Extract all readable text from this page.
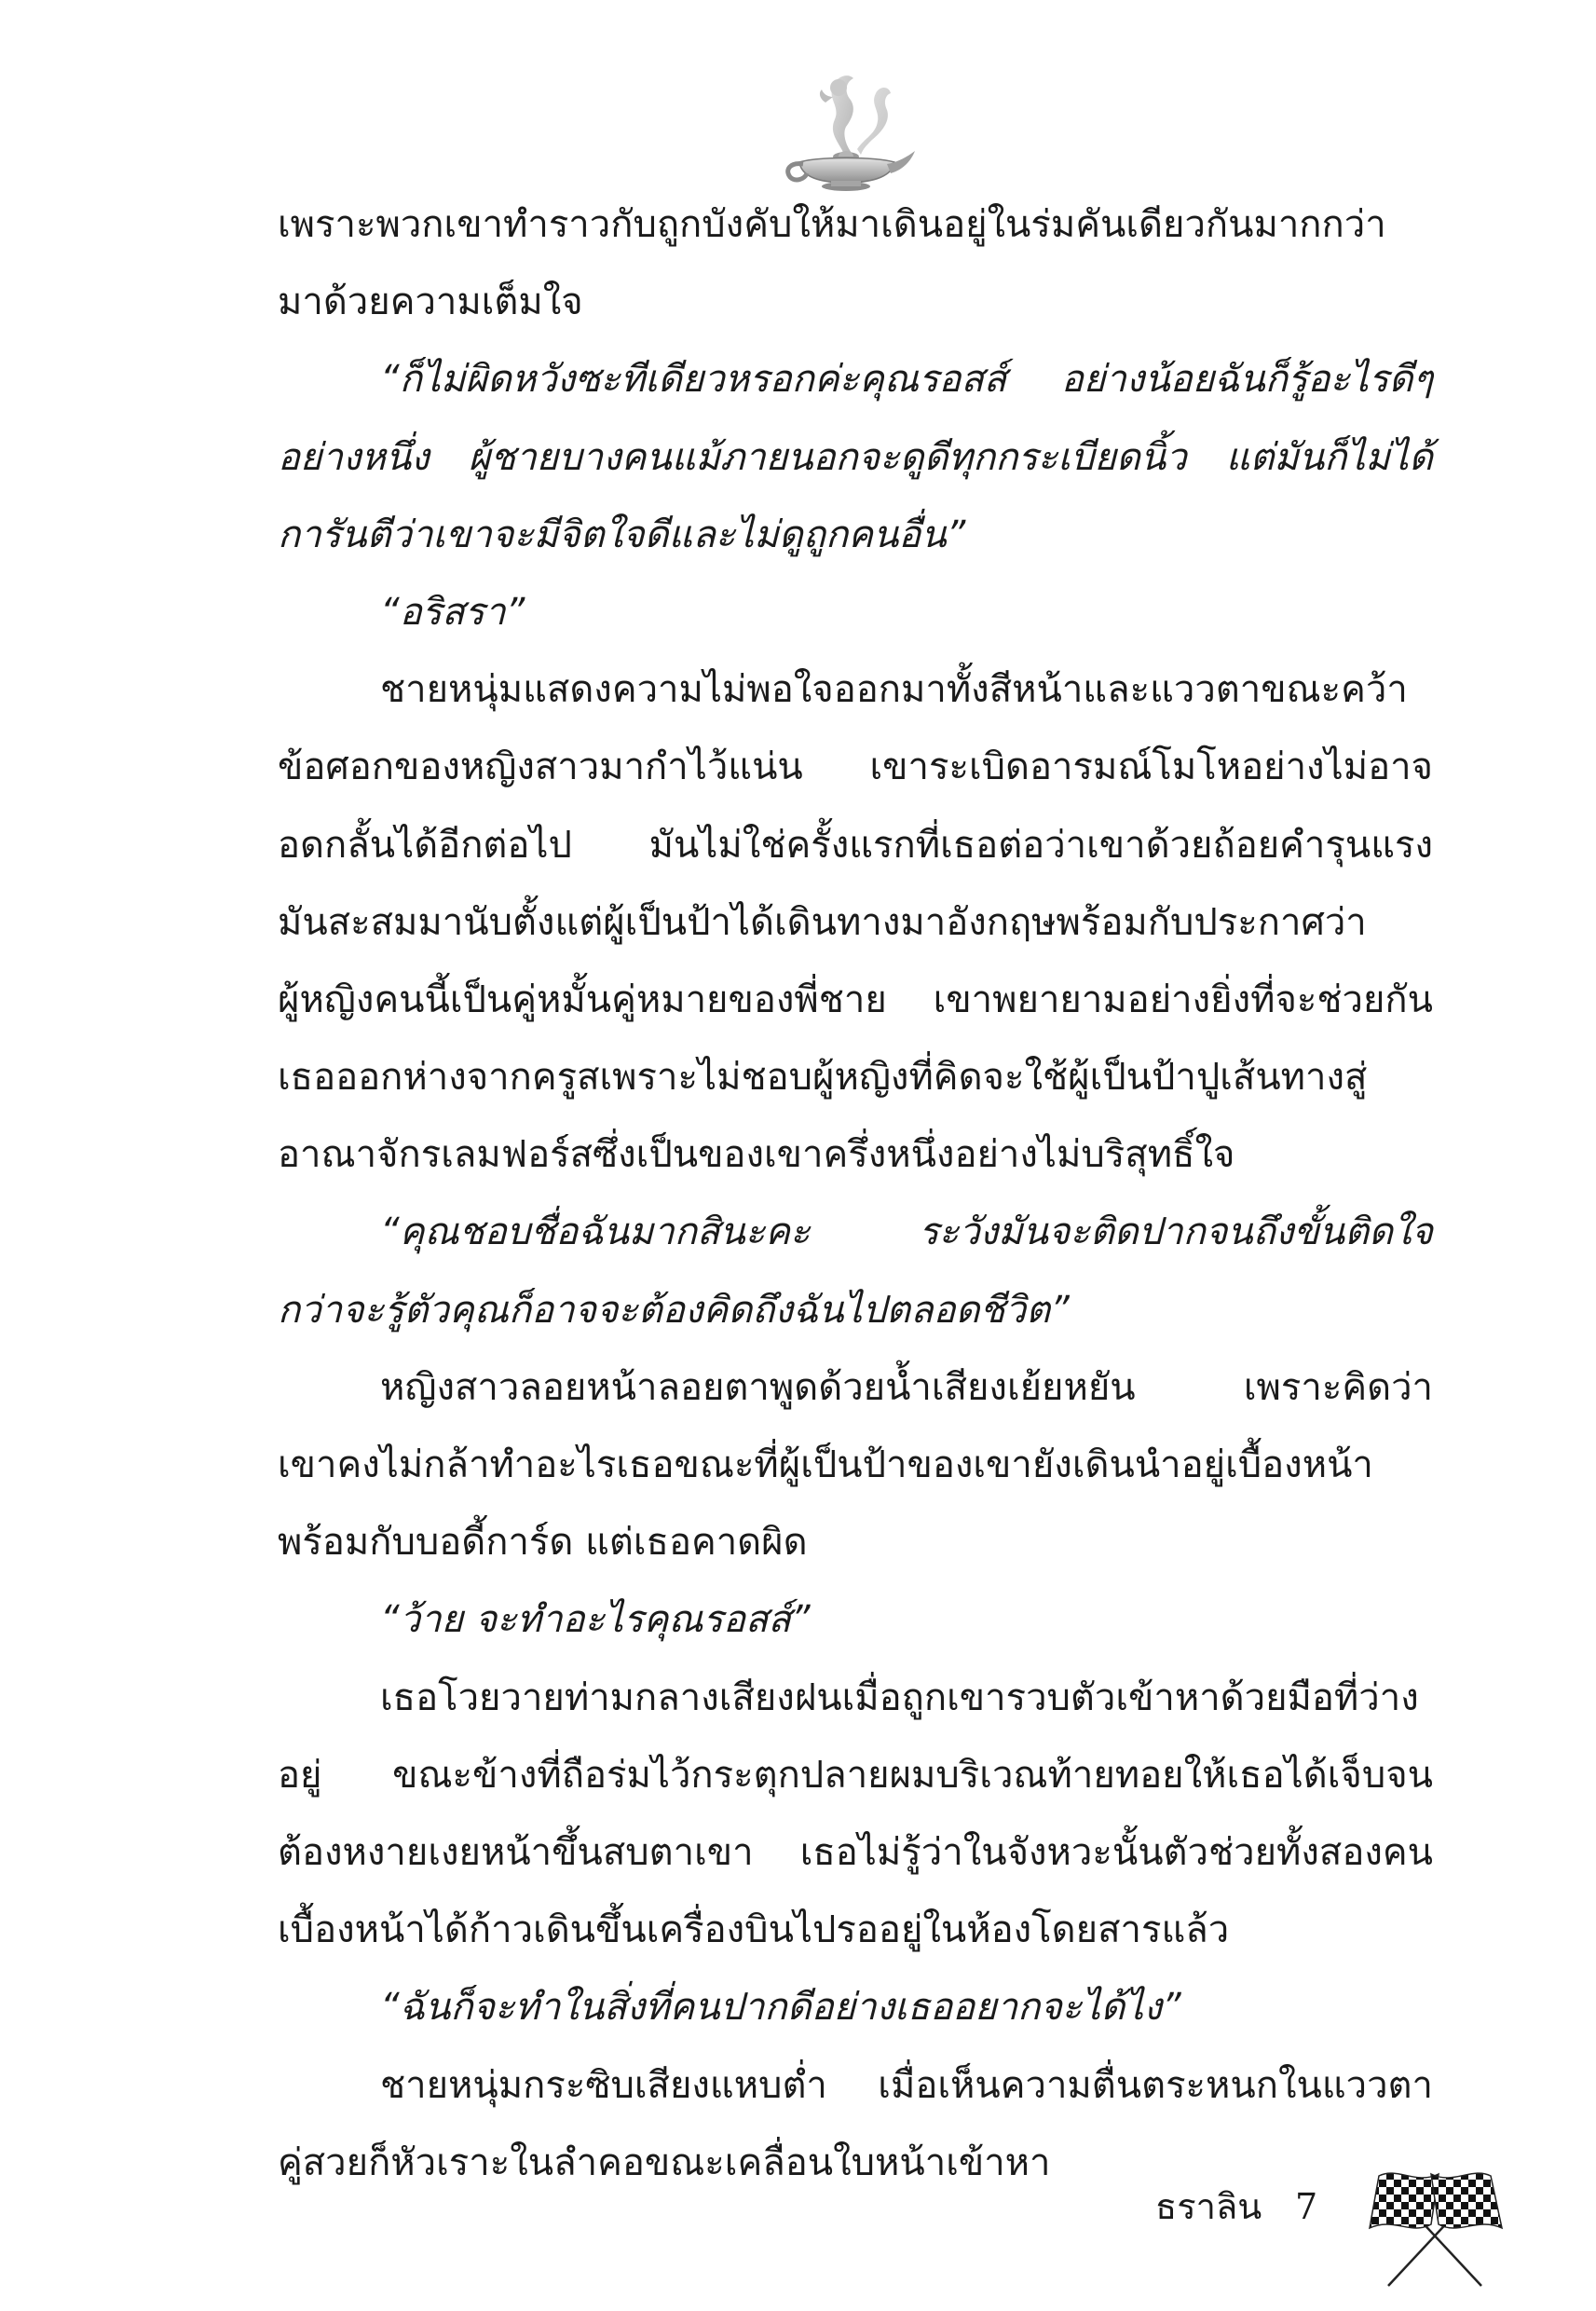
เพราะพวกเขาทำราวกับถูกบังคับให้มาเดินอยู่ในร่มคันเดียวกันมากกว่า
มาด้วยความเต็มใจ
“ก็ไม่ผิดหวังซะทีเดียวหรอกค่ะคุณรอสส์ อย่างน้อยฉันก็รู้อะไรดีๆ
อย่างหนึ่ง ผู้ชายบางคนแม้ภายนอกจะดูดีทุกกระเบียดนิ้ว แต่มันก็ไม่ได้
การันตีว่าเขาจะมีจิตใจดีและไม่ดูถูกคนอื่น”
“อริสรา”
ชายหนุ่มแสดงความไม่พอใจออกมาทั้งสีหน้าและแววตาขณะคว้า
ข้อศอกของหญิงสาวมากำไว้แน่น เขาระเบิดอารมณ์โมโหอย่างไม่อาจ
อดกลั้นได้อีกต่อไป มันไม่ใช่ครั้งแรกที่เธอต่อว่าเขาด้วยถ้อยคำรุนแรง
มันสะสมมานับตั้งแต่ผู้เป็นป้าได้เดินทางมาอังกฤษพร้อมกับประกาศว่า
ผู้หญิงคนนี้เป็นคู่หมั้นคู่หมายของพี่ชาย เขาพยายามอย่างยิ่งที่จะช่วยกัน
เธอออกห่างจากครูสเพราะไม่ชอบผู้หญิงที่คิดจะใช้ผู้เป็นป้าปูเส้นทางสู่
อาณาจักรเลมฟอร์สซึ่งเป็นของเขาครึ่งหนึ่งอย่างไม่บริสุทธิ์ใจ
“คุณชอบชื่อฉันมากสินะคะ ระวังมันจะติดปากจนถึงขั้นติดใจ
กว่าจะรู้ตัวคุณก็อาจจะต้องคิดถึงฉันไปตลอดชีวิต”
หญิงสาวลอยหน้าลอยตาพูดด้วยน้ำเสียงเย้ยหยัน เพราะคิดว่า
เขาคงไม่กล้าทำอะไรเธอขณะที่ผู้เป็นป้าของเขายังเดินนำอยู่เบื้องหน้า
พร้อมกับบอดี้การ์ด แต่เธอคาดผิด
“ว้าย จะทำอะไรคุณรอสส์”
เธอโวยวายท่ามกลางเสียงฝนเมื่อถูกเขารวบตัวเข้าหาด้วยมือที่ว่าง
อยู่ ขณะข้างที่ถือร่มไว้กระตุกปลายผมบริเวณท้ายทอยให้เธอได้เจ็บจน
ต้องหงายเงยหน้าขึ้นสบตาเขา เธอไม่รู้ว่าในจังหวะนั้นตัวช่วยทั้งสองคน
เบื้องหน้าได้ก้าวเดินขึ้นเครื่องบินไปรออยู่ในห้องโดยสารแล้ว
“ฉันก็จะทำในสิ่งที่คนปากดีอย่างเธออยากจะได้ไง”
ชายหนุ่มกระซิบเสียงแหบต่ำ เมื่อเห็นความตื่นตระหนกในแววตา
คู่สวยก็หัวเราะในลำคอขณะเคลื่อนใบหน้าเข้าหา
ธราลิน 7
